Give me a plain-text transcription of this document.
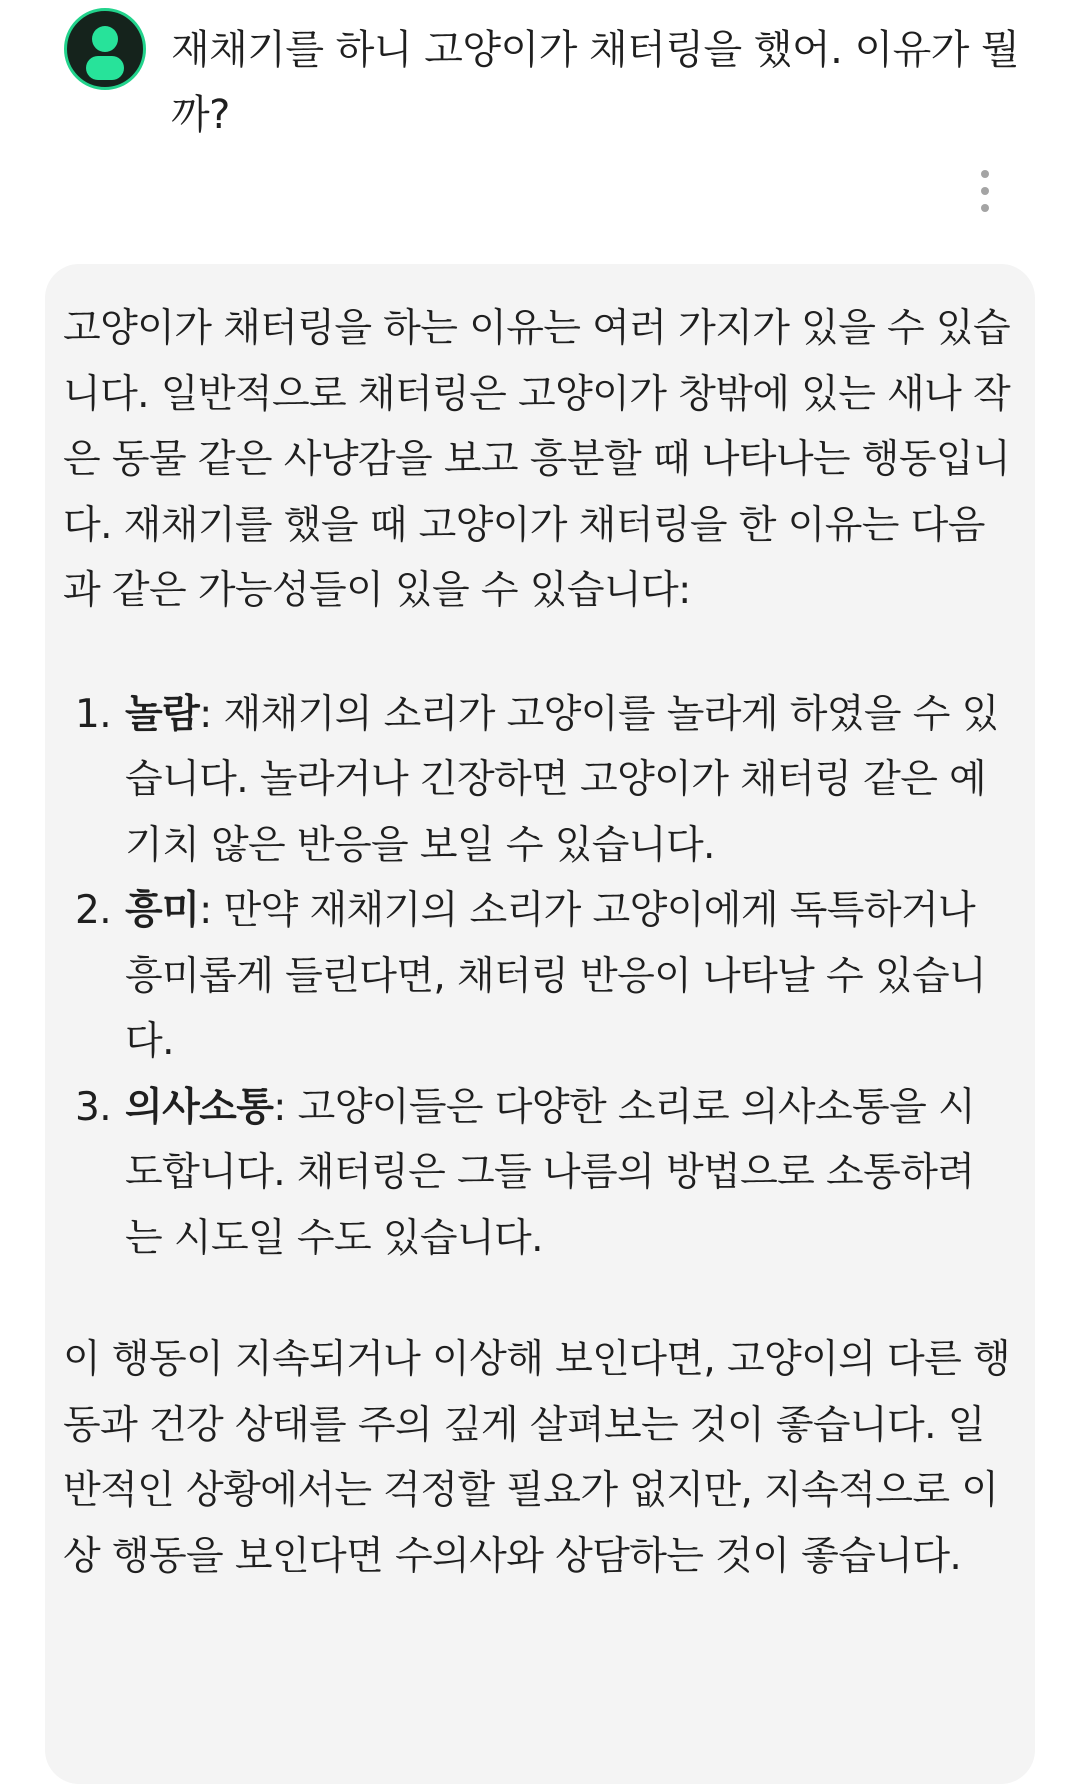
재채기를 하니 고양이가 채터링을 했어. 이유가 뭘까?

고양이가 채터링을 하는 이유는 여러 가지가 있을 수 있습니다. 일반적으로 채터링은 고양이가 창밖에 있는 새나 작은 동물 같은 사냥감을 보고 흥분할 때 나타나는 행동입니다. 재채기를 했을 때 고양이가 채터링을 한 이유는 다음과 같은 가능성들이 있을 수 있습니다:

1. 놀람: 재채기의 소리가 고양이를 놀라게 하였을 수 있습니다. 놀라거나 긴장하면 고양이가 채터링 같은 예기치 않은 반응을 보일 수 있습니다.
2. 흥미: 만약 재채기의 소리가 고양이에게 독특하거나 흥미롭게 들린다면, 채터링 반응이 나타날 수 있습니다.
3. 의사소통: 고양이들은 다양한 소리로 의사소통을 시도합니다. 채터링은 그들 나름의 방법으로 소통하려는 시도일 수도 있습니다.

이 행동이 지속되거나 이상해 보인다면, 고양이의 다른 행동과 건강 상태를 주의 깊게 살펴보는 것이 좋습니다. 일반적인 상황에서는 걱정할 필요가 없지만, 지속적으로 이상 행동을 보인다면 수의사와 상담하는 것이 좋습니다.
